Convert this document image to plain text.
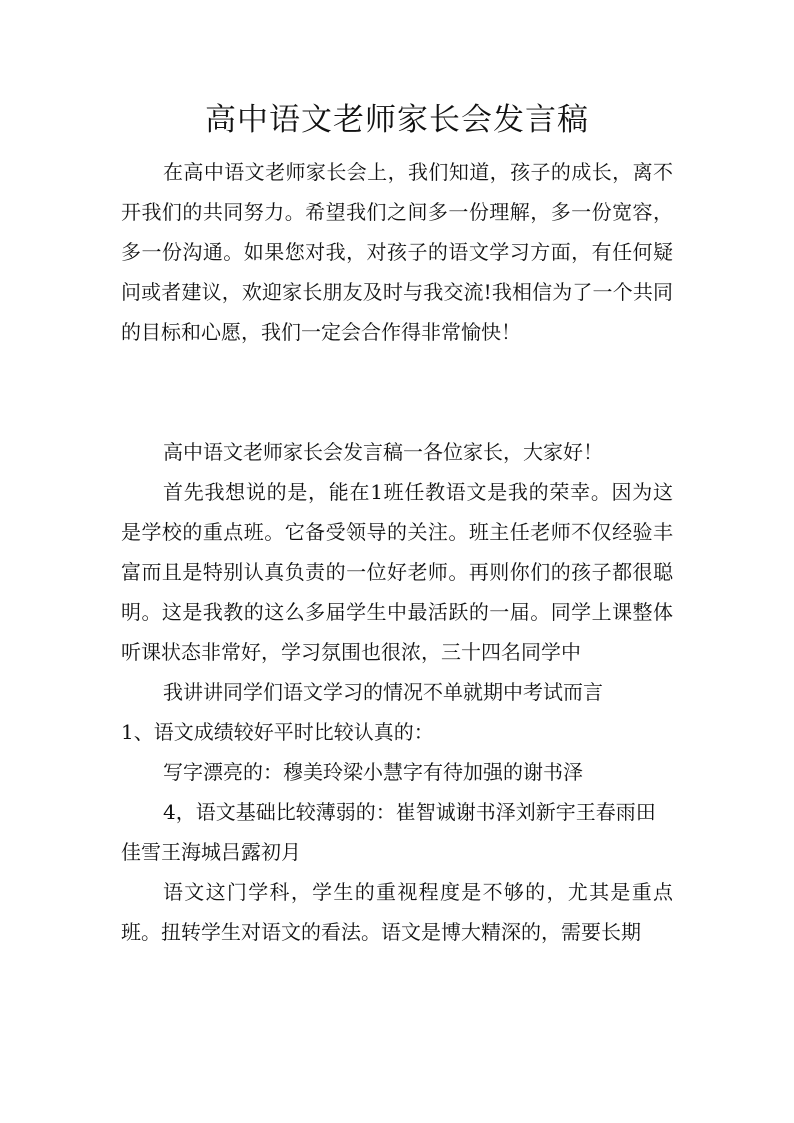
高中语文老师家长会发言稿

在高中语文老师家长会上，我们知道，孩子的成长，离不开我们的共同努力。希望我们之间多一份理解，多一份宽容，多一份沟通。如果您对我，对孩子的语文学习方面，有任何疑问或者建议，欢迎家长朋友及时与我交流!我相信为了一个共同的目标和心愿，我们一定会合作得非常愉快！

高中语文老师家长会发言稿一各位家长，大家好！

首先我想说的是，能在1班任教语文是我的荣幸。因为这是学校的重点班。它备受领导的关注。班主任老师不仅经验丰富而且是特别认真负责的一位好老师。再则你们的孩子都很聪明。这是我教的这么多届学生中最活跃的一届。同学上课整体听课状态非常好，学习氛围也很浓，三十四名同学中

我讲讲同学们语文学习的情况不单就期中考试而言

1、语文成绩较好平时比较认真的：

写字漂亮的：穆美玲梁小慧字有待加强的谢书泽

4，语文基础比较薄弱的：崔智诚谢书泽刘新宇王春雨田

佳雪王海城吕露初月

语文这门学科，学生的重视程度是不够的，尤其是重点班。扭转学生对语文的看法。语文是博大精深的，需要长期
